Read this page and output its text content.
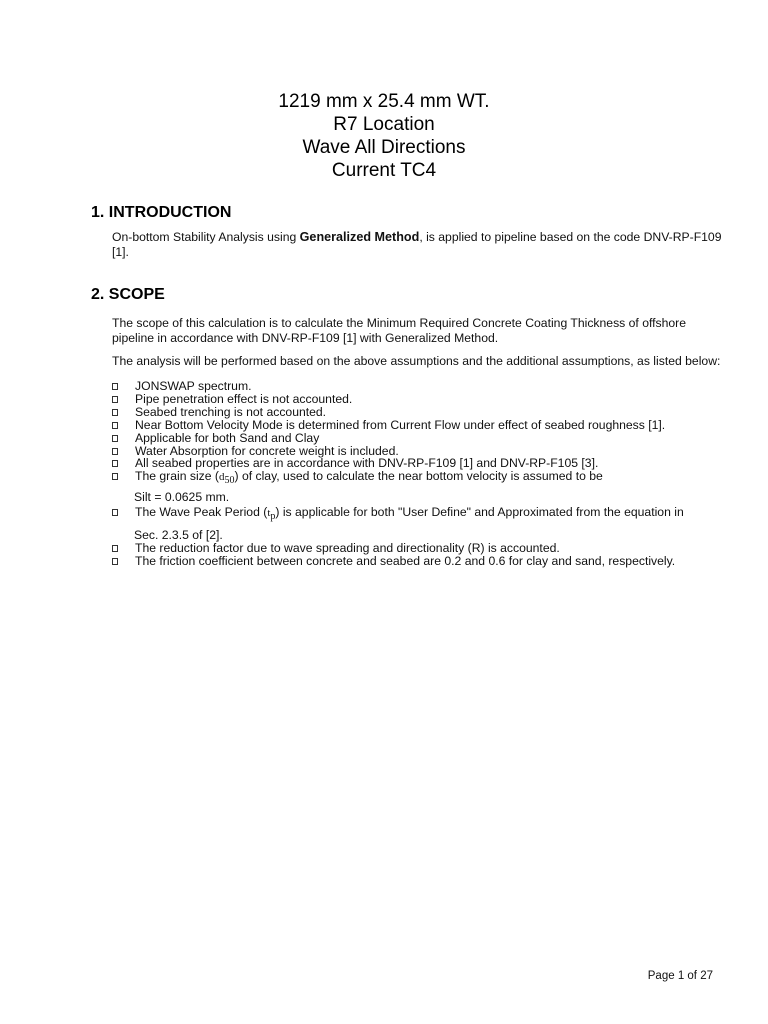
1219 mm x 25.4 mm WT.
R7 Location
Wave All Directions
Current TC4
1. INTRODUCTION
On-bottom Stability Analysis using Generalized Method, is applied to pipeline based on the code DNV-RP-F109 [1].
2. SCOPE
The scope of this calculation is to calculate the Minimum Required Concrete Coating Thickness of offshore pipeline in accordance with DNV-RP-F109 [1] with Generalized Method.
The analysis will be performed based on the above assumptions and the additional assumptions, as listed below:
JONSWAP spectrum.
Pipe penetration effect is not accounted.
Seabed trenching is not accounted.
Near Bottom Velocity Mode is determined from Current Flow under effect of seabed roughness [1].
Applicable for both Sand and Clay
Water Absorption for concrete weight is included.
All seabed properties are in accordance with DNV-RP-F109 [1] and DNV-RP-F105 [3].
The grain size $(d_{50})$ of clay, used to calculate the near bottom velocity is assumed to be
Silt = 0.0625 mm.
The Wave Peak Period $(t_p)$ is applicable for both "User Define" and Approximated from the equation in
Sec. 2.3.5 of [2].
The reduction factor due to wave spreading and directionality (R) is accounted.
The friction coefficient between concrete and seabed are 0.2 and 0.6 for clay and sand, respectively.
Page 1 of 27
